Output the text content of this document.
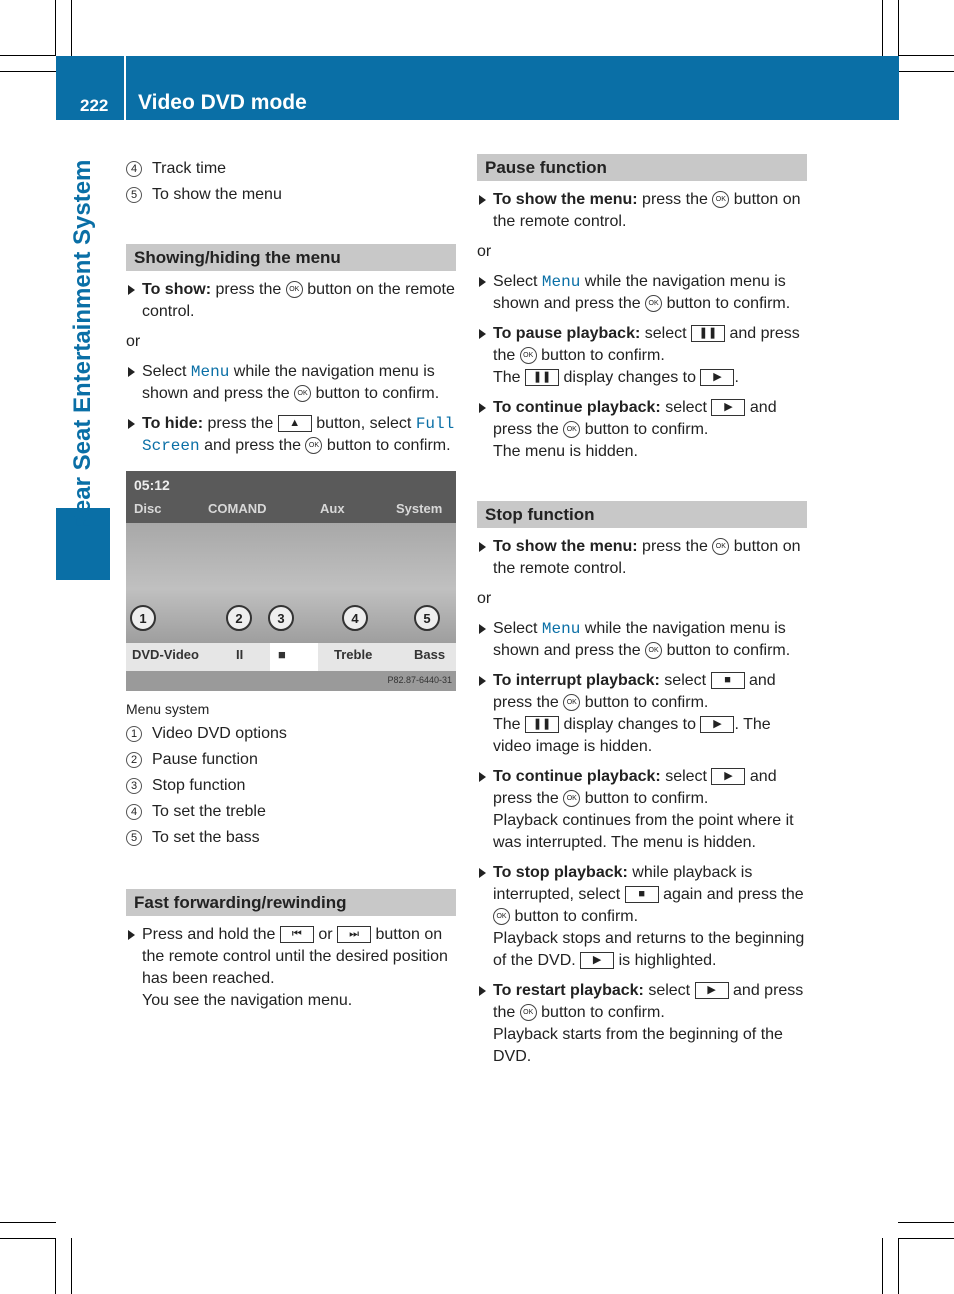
222 Video DVD mode
Rear Seat Entertainment System	4 Track time
5 To show the menu
Showing/hiding the menu
To show: press the OK button on the remote control.
or
Select Menu while the navigation menu is shown and press the OK button to confirm.
To hide: press the ▲ button, select Full Screen and press the OK button to confirm.
05:12
Disc	COMAND	Aux	System
DVD-Video	II	■	Treble	Bass
1	2	3	4	5
P82.87-6440-31
Menu system
1 Video DVD options
2 Pause function
3 Stop function
4 To set the treble
5 To set the bass
Fast forwarding/rewinding
Press and hold the ⏮ or ⏭ button on the remote control until the desired position has been reached.
You see the navigation menu.
Pause function
To show the menu: press the OK button on the remote control.
or
Select Menu while the navigation menu is shown and press the OK button to confirm.
To pause playback: select ❚❚ and press the OK button to confirm.
The ❚❚ display changes to ▶ .
To continue playback: select ▶ and press the OK button to confirm.
The menu is hidden.
Stop function
To show the menu: press the OK button on the remote control.
or
Select Menu while the navigation menu is shown and press the OK button to confirm.
To interrupt playback: select ■ and press the OK button to confirm.
The ❚❚ display changes to ▶ . The video image is hidden.
To continue playback: select ▶ and press the OK button to confirm.
Playback continues from the point where it was interrupted. The menu is hidden.
To stop playback: while playback is interrupted, select ■ again and press the OK button to confirm.
Playback stops and returns to the beginning of the DVD. ▶ is highlighted.
To restart playback: select ▶ and press the OK button to confirm.
Playback starts from the beginning of the DVD.
